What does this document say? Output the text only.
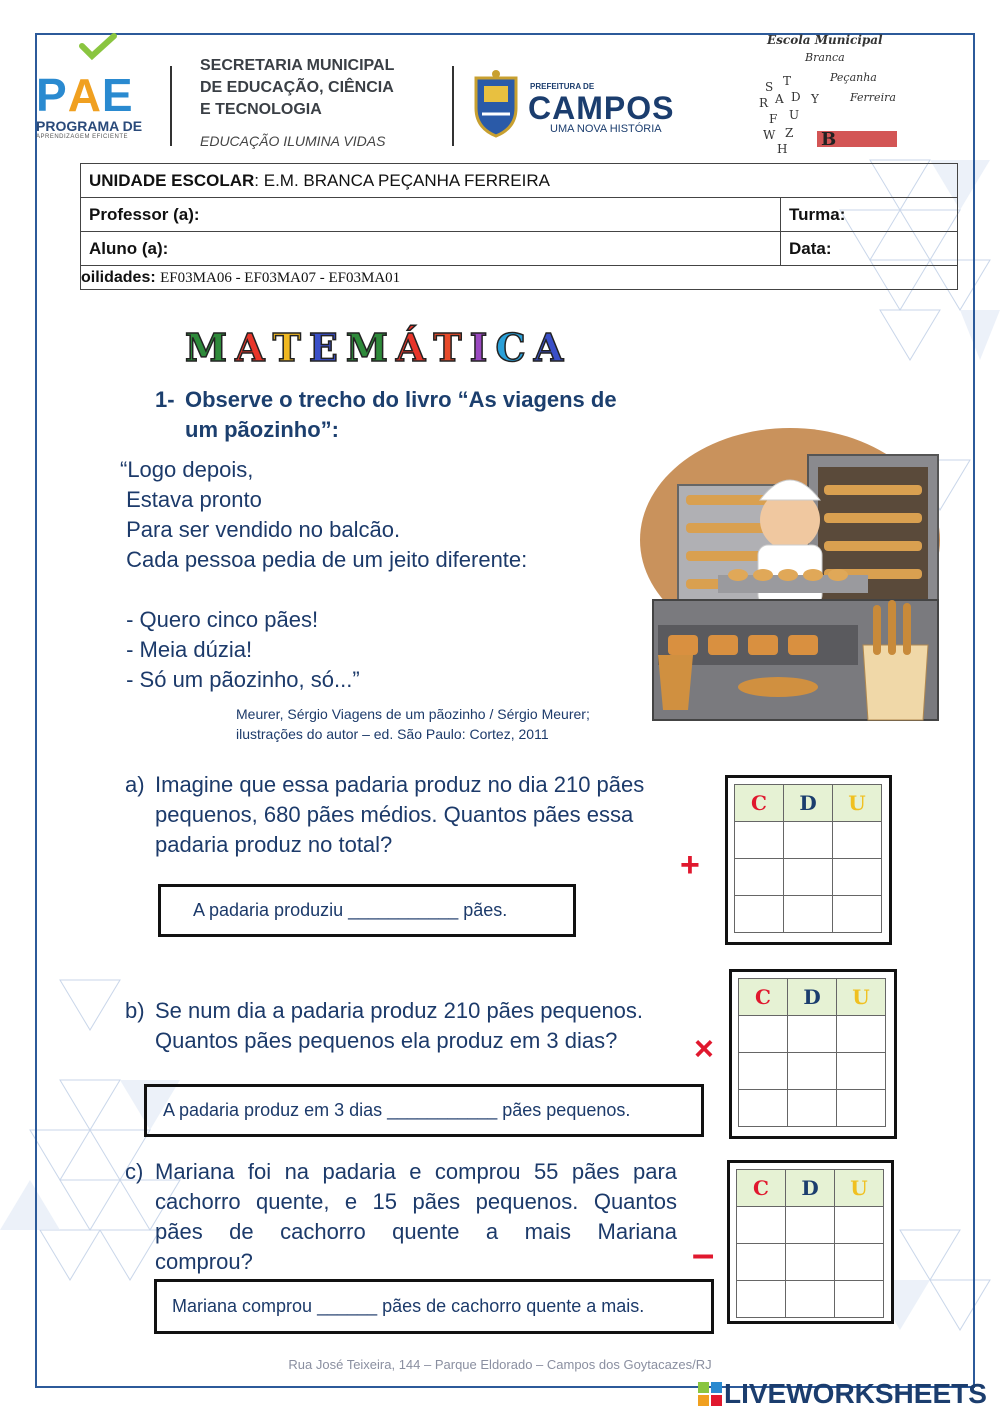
P A E
PROGRAMA DE
APRENDIZAGEM EFICIENTE
SECRETARIA MUNICIPAL
DE EDUCAÇÃO, CIÊNCIA
E TECNOLOGIA
EDUCAÇÃO ILUMINA VIDAS
PREFEITURA DE
CAMPOS
UMA NOVA HISTÓRIA
Escola Municipal
Branca
Peçanha
Ferreira
S T
R A D Y
F U
W Z
H B
UNIDADE ESCOLAR: E.M. BRANCA PEÇANHA FERREIRA	
Professor (a):	Turma:
Aluno (a):	Data:
oilidades: EF03MA06 - EF03MA07 - EF03MA01	
M A T E M Á T I C A
1- Observe o trecho do livro “As viagens de
um pãozinho”:
“Logo depois,
Estava pronto
Para ser vendido no balcão.
Cada pessoa pedia de um jeito diferente:
- Quero cinco pães!
- Meia dúzia!
- Só um pãozinho, só...”
Meurer, Sérgio Viagens de um pãozinho / Sérgio Meurer;
ilustrações do autor – ed. São Paulo: Cortez, 2011
a) Imagine que essa padaria produz no dia 210 pães
pequenos, 680 pães médios. Quantos pães essa
padaria produz no total?
A padaria produziu ___________ pães.
+
C	D	U

b) Se num dia a padaria produz 210 pães pequenos.
Quantos pães pequenos ela produz em 3 dias?
A padaria produz em 3 dias ___________ pães pequenos.
×
C	D	U

c) Mariana foi na padaria e comprou 55 pães para
cachorro quente, e 15 pães pequenos. Quantos
pães de cachorro quente a mais Mariana
comprou?
Mariana comprou ______ pães de cachorro quente a mais.
–
C	D	U

Rua José Teixeira, 144 – Parque Eldorado – Campos dos Goytacazes/RJ
LIVEWORKSHEETS
